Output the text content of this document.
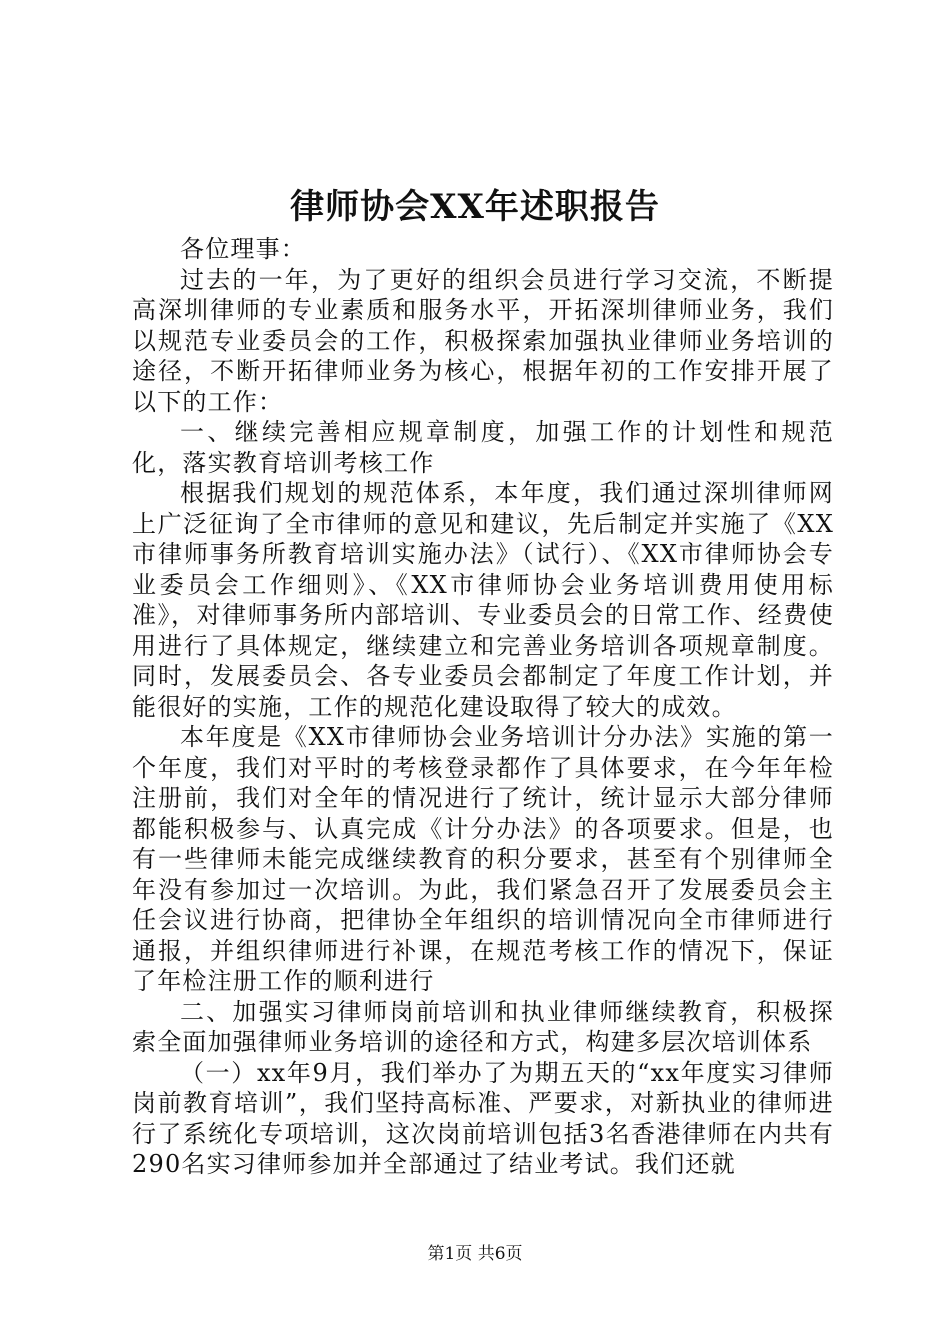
律师协会XX年述职报告

各位理事：

过去的一年，为了更好的组织会员进行学习交流，不断提高深圳律师的专业素质和服务水平，开拓深圳律师业务，我们以规范专业委员会的工作，积极探索加强执业律师业务培训的途径，不断开拓律师业务为核心，根据年初的工作安排开展了以下的工作：

一、继续完善相应规章制度，加强工作的计划性和规范化，落实教育培训考核工作

根据我们规划的规范体系，本年度，我们通过深圳律师网上广泛征询了全市律师的意见和建议，先后制定并实施了《XX市律师事务所教育培训实施办法》（试行）、《XX市律师协会专业委员会工作细则》、《XX市律师协会业务培训费用使用标准》，对律师事务所内部培训、专业委员会的日常工作、经费使用进行了具体规定，继续建立和完善业务培训各项规章制度。同时，发展委员会、各专业委员会都制定了年度工作计划，并能很好的实施，工作的规范化建设取得了较大的成效。

本年度是《XX市律师协会业务培训计分办法》实施的第一个年度，我们对平时的考核登录都作了具体要求，在今年年检注册前，我们对全年的情况进行了统计，统计显示大部分律师都能积极参与、认真完成《计分办法》的各项要求。但是，也有一些律师未能完成继续教育的积分要求，甚至有个别律师全年没有参加过一次培训。为此，我们紧急召开了发展委员会主任会议进行协商，把律协全年组织的培训情况向全市律师进行通报，并组织律师进行补课，在规范考核工作的情况下，保证了年检注册工作的顺利进行

二、加强实习律师岗前培训和执业律师继续教育，积极探索全面加强律师业务培训的途径和方式，构建多层次培训体系

（一）xx年9月，我们举办了为期五天的“xx年度实习律师岗前教育培训”，我们坚持高标准、严要求，对新执业的律师进行了系统化专项培训，这次岗前培训包括3名香港律师在内共有290名实习律师参加并全部通过了结业考试。我们还就

第1页 共6页
